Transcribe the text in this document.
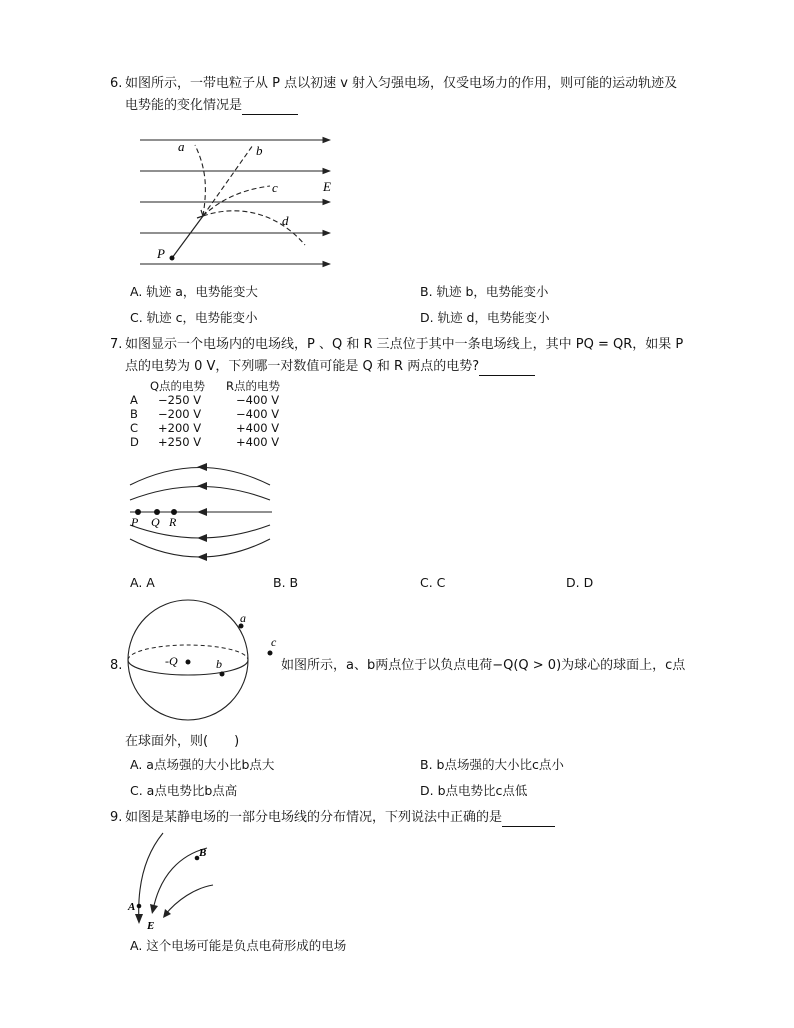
6. 如图所示，一带电粒子从 P 点以初速 v 射入匀强电场，仅受电场力的作用，则可能的运动轨迹及
电势能的变化情况是
a	b
c	E
d
P
A. 轨迹 a，电势能变大	B. 轨迹 b，电势能变小
C. 轨迹 c，电势能变小	D. 轨迹 d，电势能变小
7. 如图显示一个电场内的电场线，P 、Q 和 R 三点位于其中一条电场线上，其中 PQ = QR，如果 P
点的电势为 0 V，下列哪一对数值可能是 Q 和 R 两点的电势?
Q点的电势 R点的电势
A −250 V	−400 V
B −200 V	−400 V
C +200 V	+400 V
D +250 V	+400 V
P Q R
A. A	B. B	C. C	D. D
8.
a
-Q	b
c
如图所示，a、b两点位于以负点电荷−Q(Q > 0)为球心的球面上，c点
在球面外，则(　　)
A. a点场强的大小比b点大	B. b点场强的大小比c点小
C. a点电势比b点高	D. b点电势比c点低
9. 如图是某静电场的一部分电场线的分布情况，下列说法中正确的是
B
A
E
A. 这个电场可能是负点电荷形成的电场
